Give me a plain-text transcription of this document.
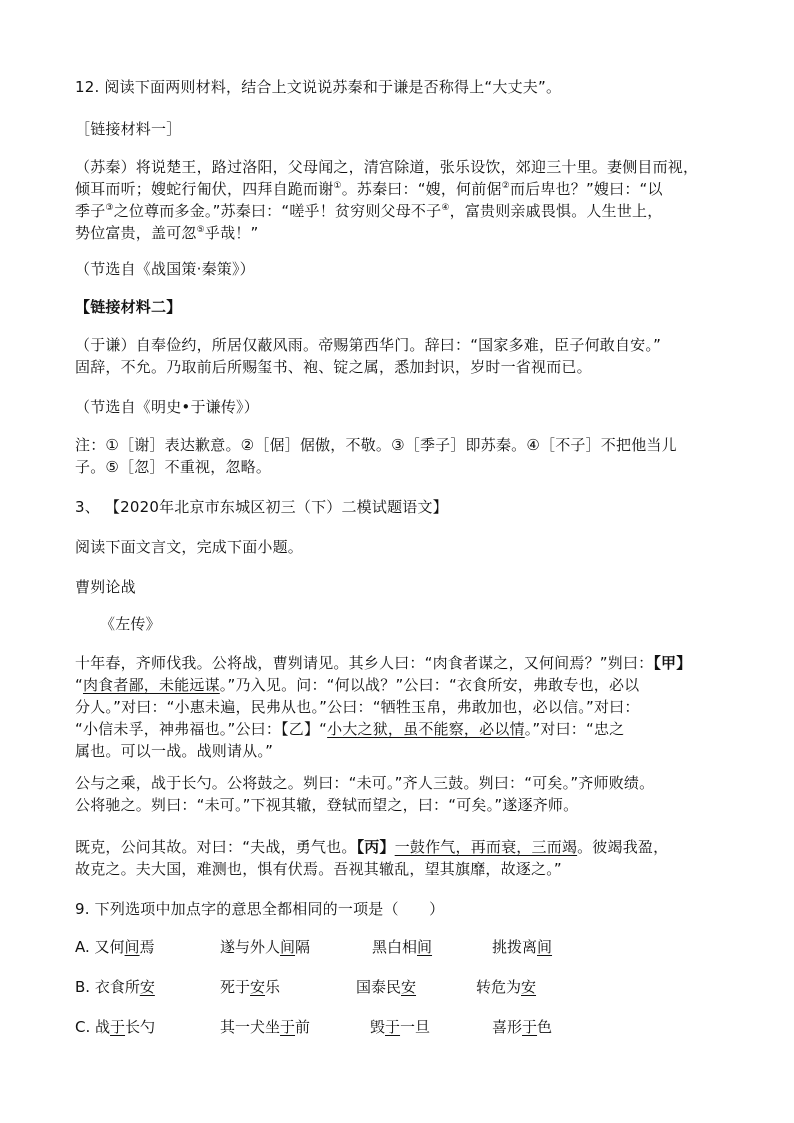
12. 阅读下面两则材料，结合上文说说苏秦和于谦是否称得上“大丈夫”。

［链接材料一］

（苏秦）将说楚王，路过洛阳，父母闻之，清宫除道，张乐设饮，郊迎三十里。妻侧目而视，
倾耳而听；嫂蛇行匍伏，四拜自跪而谢①。苏秦曰：“嫂，何前倨②而后卑也？”嫂曰：“以
季子③之位尊而多金。”苏秦曰：“嗟乎！贫穷则父母不子④，富贵则亲戚畏惧。人生世上，
势位富贵，盖可忽⑤乎哉！”

（节选自《战国策·秦策》）

【链接材料二】

（于谦）自奉俭约，所居仅蔽风雨。帝赐第西华门。辞曰：“国家多难，臣子何敢自安。”
固辞，不允。乃取前后所赐玺书、袍、锭之属，悉加封识，岁时一省视而已。

（节选自《明史•于谦传》）

注：①［谢］表达歉意。②［倨］倨傲，不敬。③［季子］即苏秦。④［不子］不把他当儿
子。⑤［忽］不重视，忽略。

3、 【2020年北京市东城区初三（下）二模试题语文】

阅读下面文言文，完成下面小题。

曹刿论战

《左传》

十年春，齐师伐我。公将战，曹刿请见。其乡人曰：“肉食者谋之，又何间焉？”刿曰：【甲】
“肉食者鄙，未能远谋。”乃入见。问：“何以战？”公曰：“衣食所安，弗敢专也，必以
分人。”对曰：“小惠未遍，民弗从也。”公曰：“牺牲玉帛，弗敢加也，必以信。”对曰：
“小信未孚，神弗福也。”公曰：【乙】“小大之狱，虽不能察，必以情。”对曰：“忠之
属也。可以一战。战则请从。”
公与之乘，战于长勺。公将鼓之。刿曰：“未可。”齐人三鼓。刿曰：“可矣。”齐师败绩。
公将驰之。刿曰：“未可。”下视其辙，登轼而望之，曰：“可矣。”遂逐齐师。
既克，公问其故。对曰：“夫战，勇气也。【丙】一鼓作气，再而衰，三而竭。彼竭我盈，
故克之。夫大国，难测也，惧有伏焉。吾视其辙乱，望其旗靡，故逐之。”

9. 下列选项中加点字的意思全都相同的一项是（　　）

A. 又何间焉	遂与外人间隔	黑白相间	挑拨离间
B. 衣食所安	死于安乐	国泰民安	转危为安
C. 战于长勺	其一犬坐于前	毁于一旦	喜形于色
